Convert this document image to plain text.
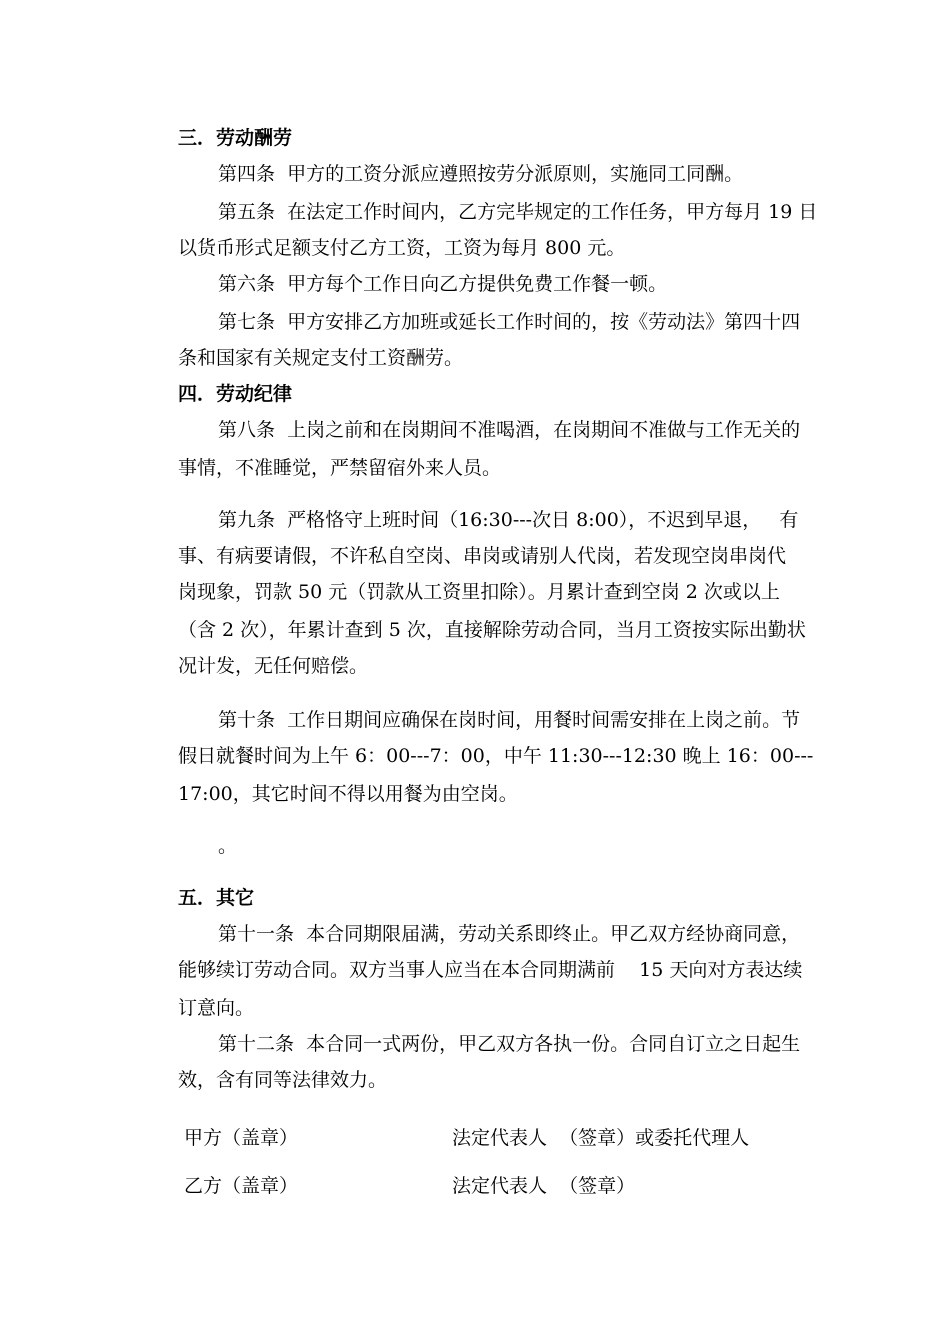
三．劳动酬劳
第四条  甲方的工资分派应遵照按劳分派原则，实施同工同酬。
第五条  在法定工作时间内，乙方完毕规定的工作任务，甲方每月 19 日
以货币形式足额支付乙方工资，工资为每月 800 元。
第六条  甲方每个工作日向乙方提供免费工作餐一顿。
第七条  甲方安排乙方加班或延长工作时间的，按《劳动法》第四十四
条和国家有关规定支付工资酬劳。
四．劳动纪律
第八条  上岗之前和在岗期间不准喝酒，在岗期间不准做与工作无关的
事情，不准睡觉，严禁留宿外来人员。
第九条  严格恪守上班时间（16:30---次日 8:00），不迟到早退，   有
事、有病要请假，不许私自空岗、串岗或请别人代岗，若发现空岗串岗代
岗现象，罚款 50 元（罚款从工资里扣除）。月累计查到空岗 2 次或以上
（含 2 次），年累计查到 5 次，直接解除劳动合同，当月工资按实际出勤状
况计发，无任何赔偿。
第十条  工作日期间应确保在岗时间，用餐时间需安排在上岗之前。节
假日就餐时间为上午 6：00---7：00，中午 11:30---12:30 晚上 16：00---
17:00，其它时间不得以用餐为由空岗。
。
五．其它
第十一条  本合同期限届满，劳动关系即终止。甲乙双方经协商同意，
能够续订劳动合同。双方当事人应当在本合同期满前    15 天向对方表达续
订意向。
第十二条  本合同一式两份，甲乙双方各执一份。合同自订立之日起生
效，含有同等法律效力。
甲方（盖章）	法定代表人  （签章）或委托代理人
乙方（盖章）	法定代表人  （签章）
